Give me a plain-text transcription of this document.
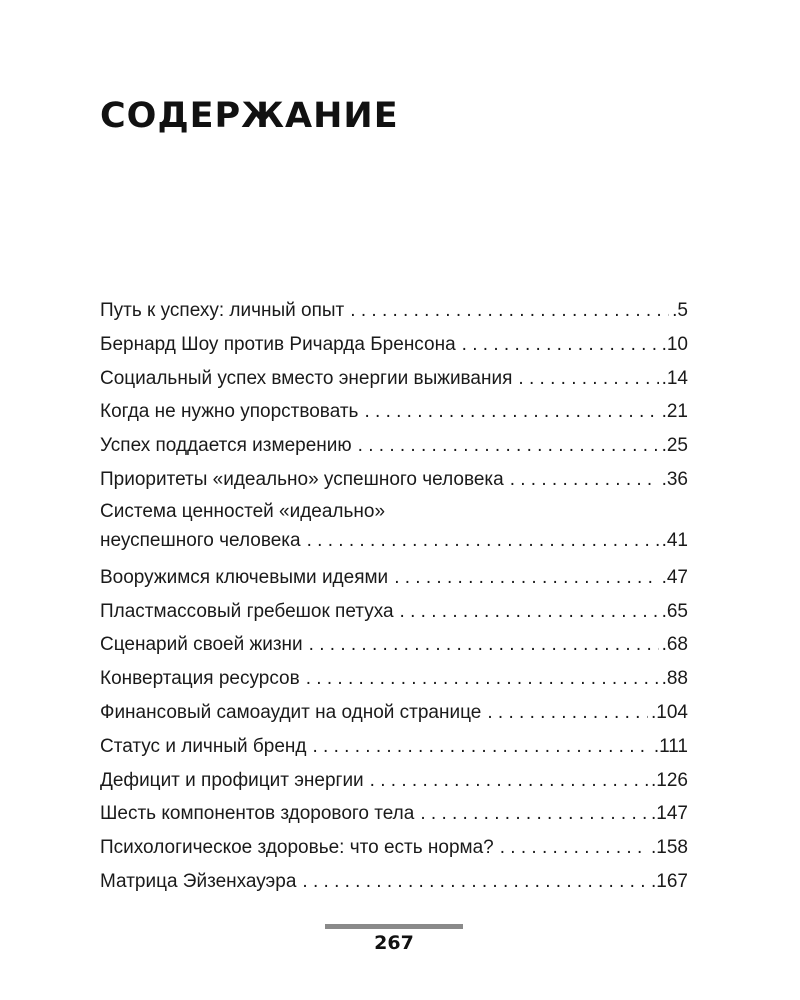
СОДЕРЖАНИЕ
Путь к успеху: личный опыт . . .	.5
Бернард Шоу против Ричарда Бренсона . . .	.10
Социальный успех вместо энергии выживания . . .	.14
Когда не нужно упорствовать . . .	.21
Успех поддается измерению . . .	.25
Приоритеты «идеально» успешного человека . . .	.36
Система ценностей «идеально»
неуспешного человека . . .	.41
Вооружимся ключевыми идеями . . .	.47
Пластмассовый гребешок петуха . . .	.65
Сценарий своей жизни . . .	.68
Конвертация ресурсов . . .	.88
Финансовый самоаудит на одной странице . . .	.104
Статус и личный бренд . . .	.111
Дефицит и профицит энергии . . .	.126
Шесть компонентов здорового тела . . .	.147
Психологическое здоровье: что есть норма? . . .	.158
Матрица Эйзенхауэра . . .	.167
267
